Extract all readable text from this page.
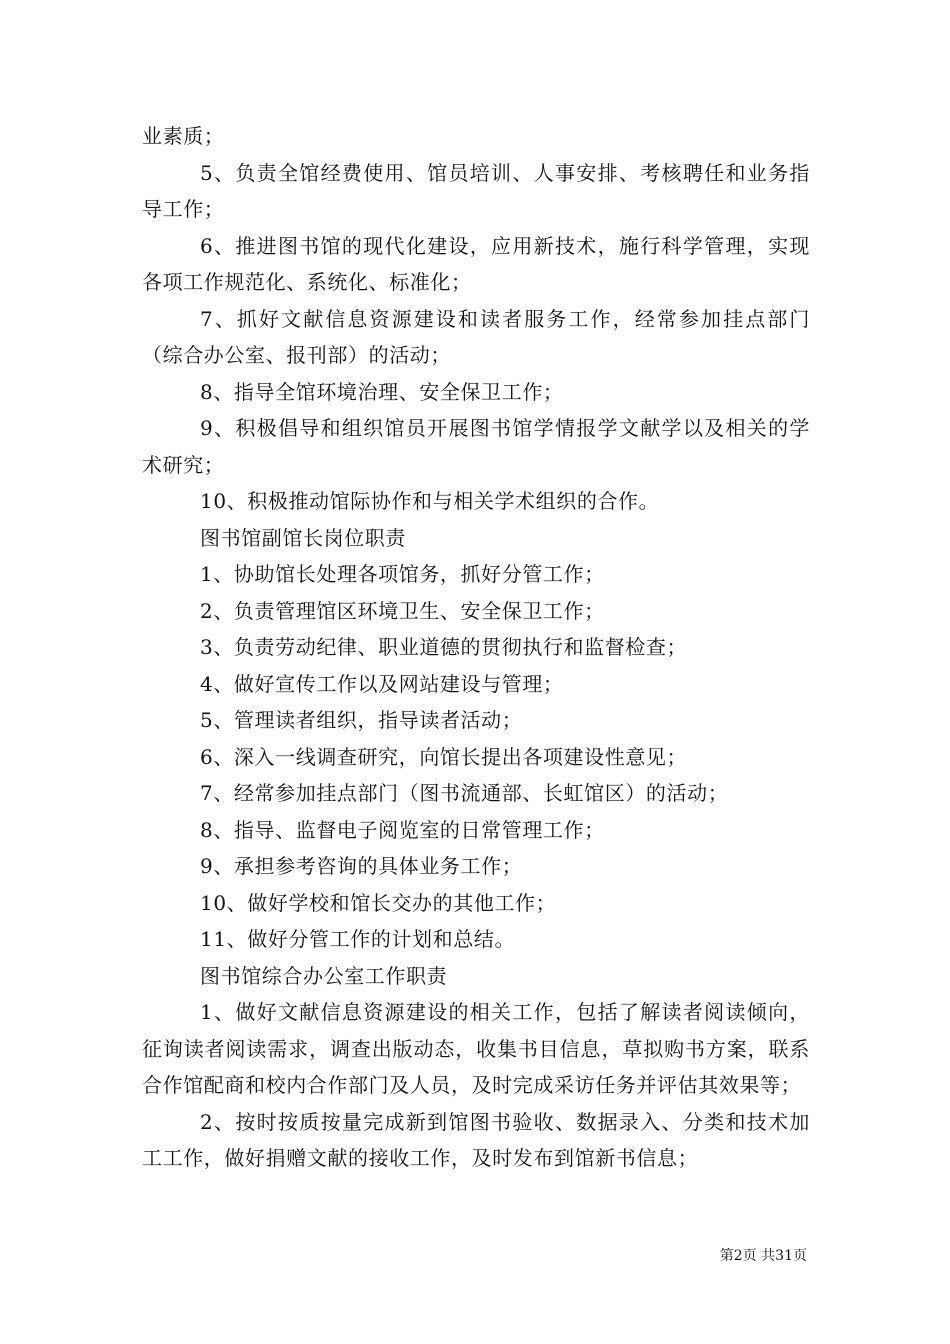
业素质；

5、负责全馆经费使用、馆员培训、人事安排、考核聘任和业务指导工作；

6、推进图书馆的现代化建设，应用新技术，施行科学管理，实现各项工作规范化、系统化、标准化；

7、抓好文献信息资源建设和读者服务工作，经常参加挂点部门（综合办公室、报刊部）的活动；

8、指导全馆环境治理、安全保卫工作；

9、积极倡导和组织馆员开展图书馆学情报学文献学以及相关的学术研究；

10、积极推动馆际协作和与相关学术组织的合作。

图书馆副馆长岗位职责

1、协助馆长处理各项馆务，抓好分管工作；

2、负责管理馆区环境卫生、安全保卫工作；

3、负责劳动纪律、职业道德的贯彻执行和监督检查；

4、做好宣传工作以及网站建设与管理；

5、管理读者组织，指导读者活动；

6、深入一线调查研究，向馆长提出各项建设性意见；

7、经常参加挂点部门（图书流通部、长虹馆区）的活动；

8、指导、监督电子阅览室的日常管理工作；

9、承担参考咨询的具体业务工作；

10、做好学校和馆长交办的其他工作；

11、做好分管工作的计划和总结。

图书馆综合办公室工作职责

1、做好文献信息资源建设的相关工作，包括了解读者阅读倾向，征询读者阅读需求，调查出版动态，收集书目信息，草拟购书方案，联系合作馆配商和校内合作部门及人员，及时完成采访任务并评估其效果等；

2、按时按质按量完成新到馆图书验收、数据录入、分类和技术加工工作，做好捐赠文献的接收工作，及时发布到馆新书信息；

第2页 共31页
